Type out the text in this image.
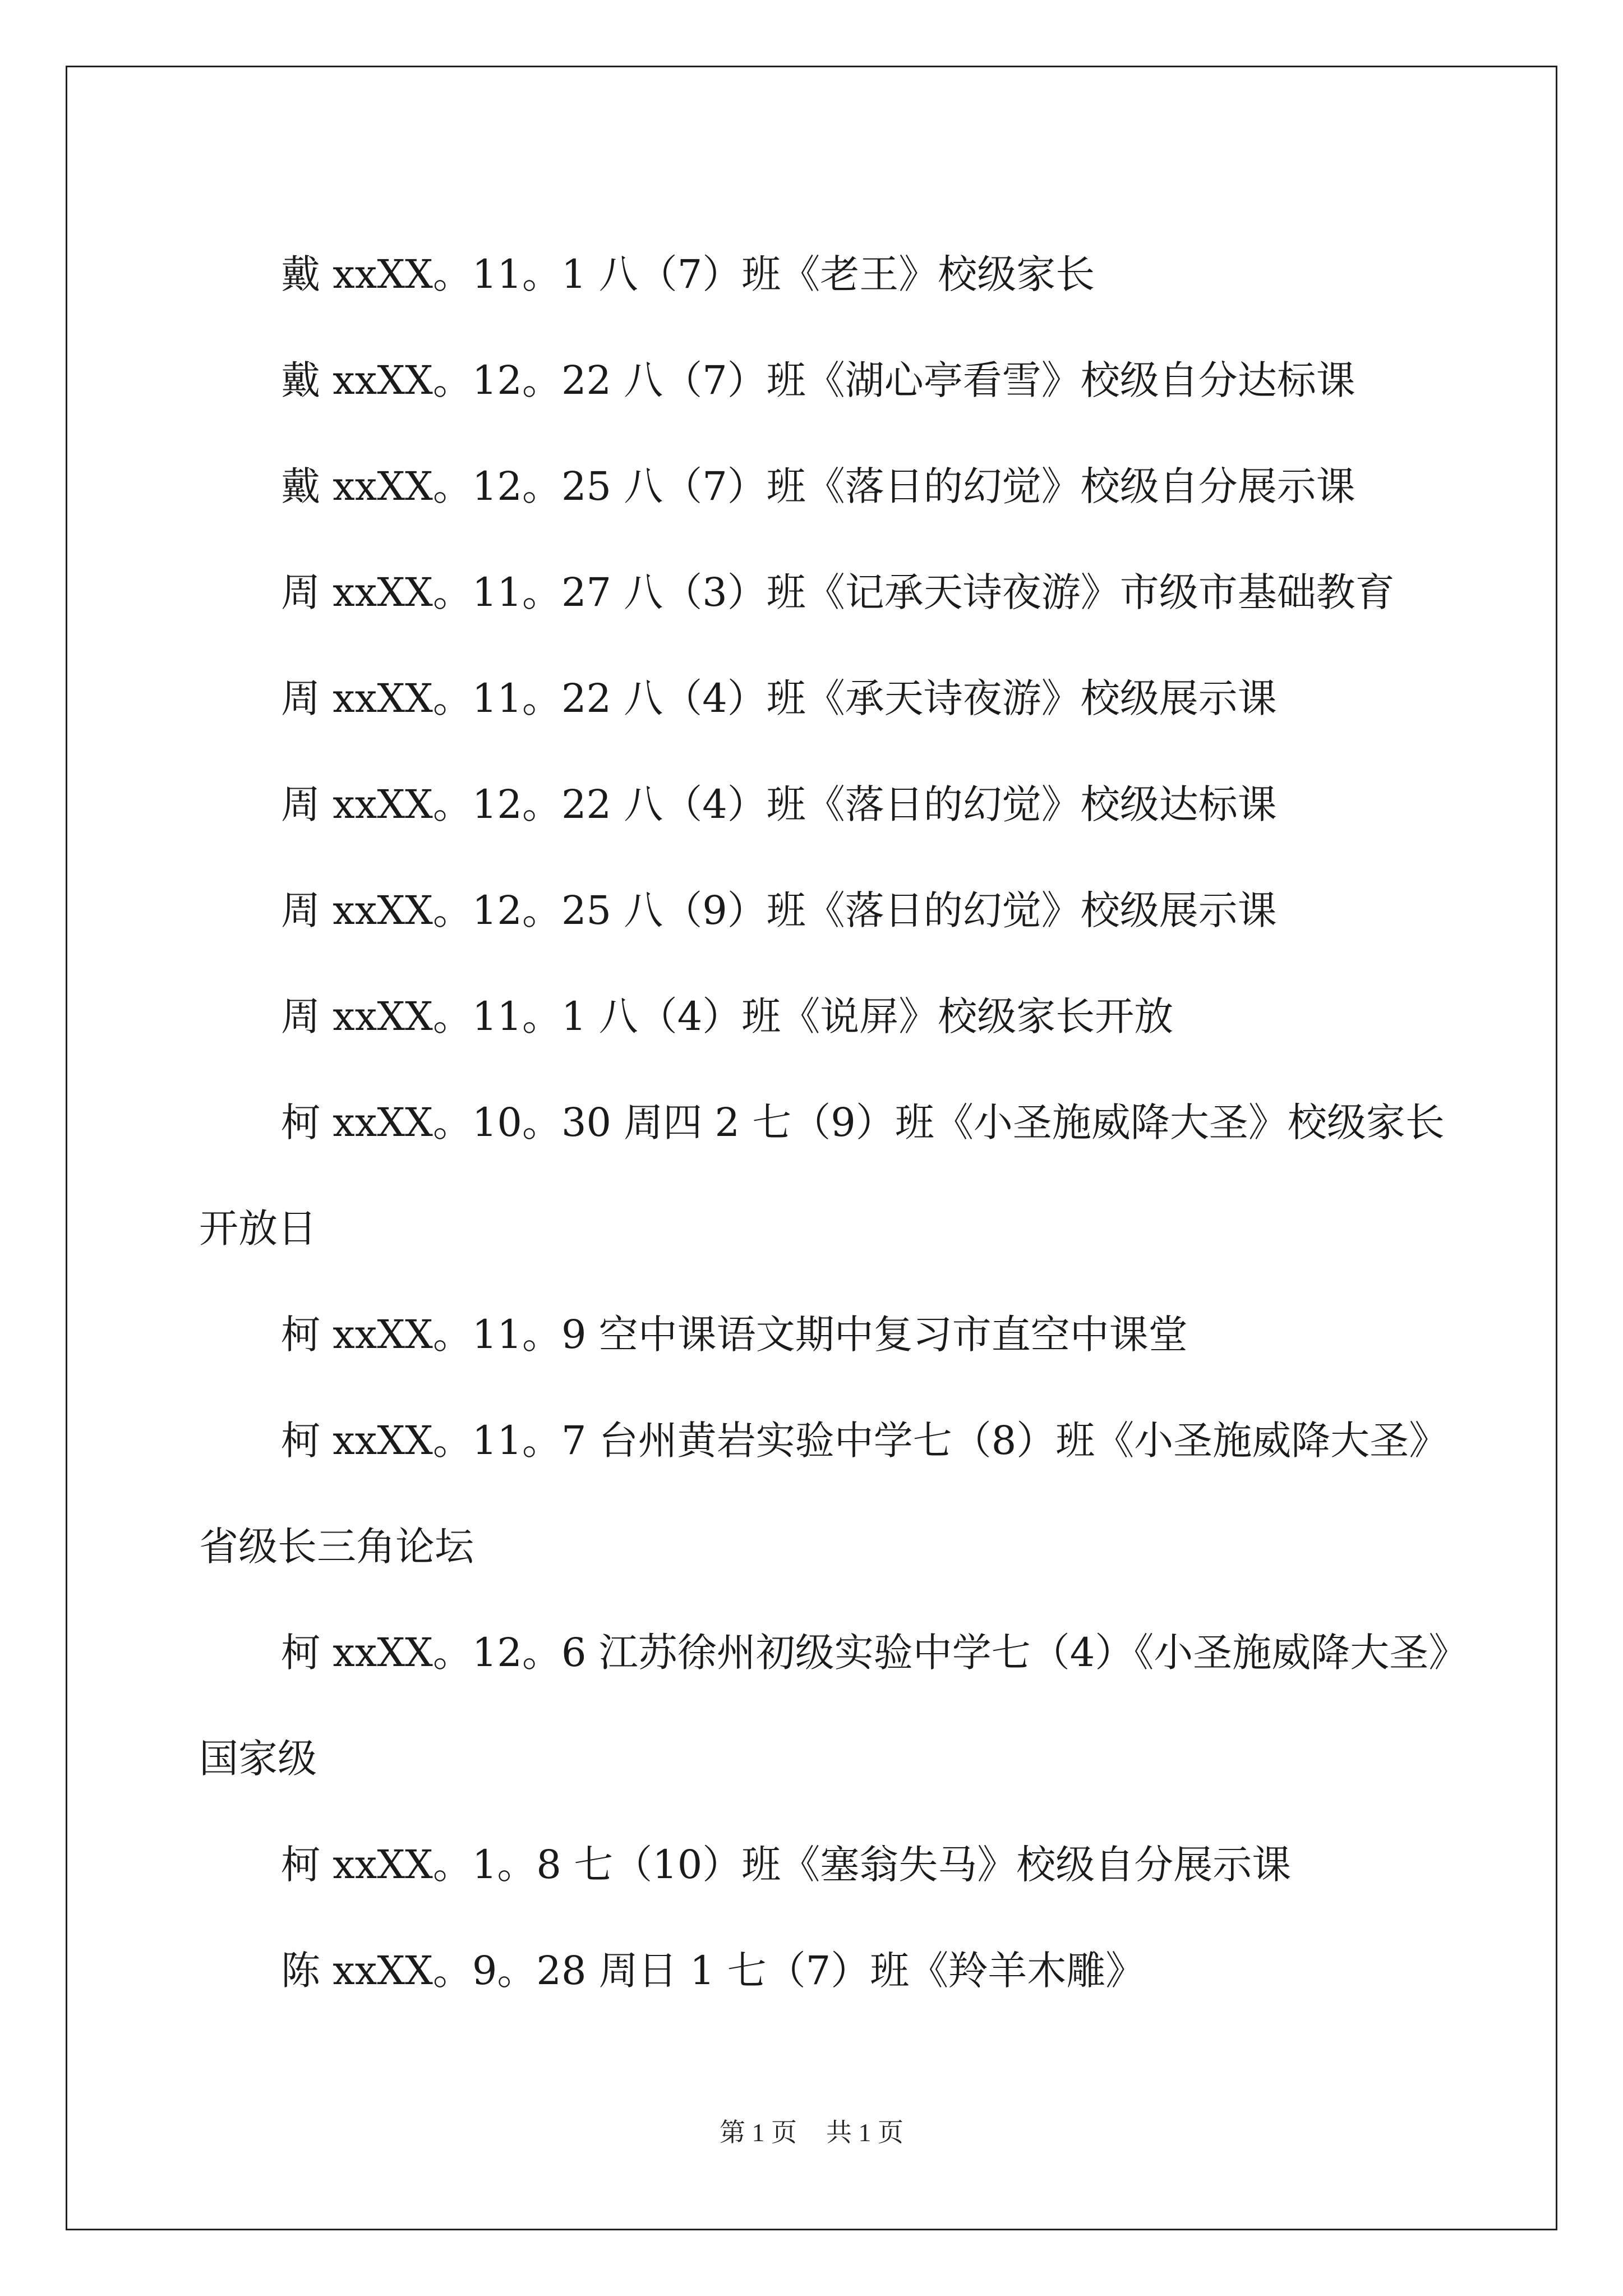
戴 xxXX。11。1 八（7）班《老王》校级家长

戴 xxXX。12。22 八（7）班《湖心亭看雪》校级自分达标课

戴 xxXX。12。25 八（7）班《落日的幻觉》校级自分展示课

周 xxXX。11。27 八（3）班《记承天诗夜游》市级市基础教育

周 xxXX。11。22 八（4）班《承天诗夜游》校级展示课

周 xxXX。12。22 八（4）班《落日的幻觉》校级达标课

周 xxXX。12。25 八（9）班《落日的幻觉》校级展示课

周 xxXX。11。1 八（4）班《说屏》校级家长开放

柯 xxXX。10。30 周四 2 七（9）班《小圣施威降大圣》校级家长

开放日

柯 xxXX。11。9 空中课语文期中复习市直空中课堂

柯 xxXX。11。7 台州黄岩实验中学七（8）班《小圣施威降大圣》

省级长三角论坛

柯 xxXX。12。6 江苏徐州初级实验中学七（4）《小圣施威降大圣》

国家级

柯 xxXX。1。8 七（10）班《塞翁失马》校级自分展示课

陈 xxXX。9。28 周日 1 七（7）班《羚羊木雕》

第 1 页 共 1 页
